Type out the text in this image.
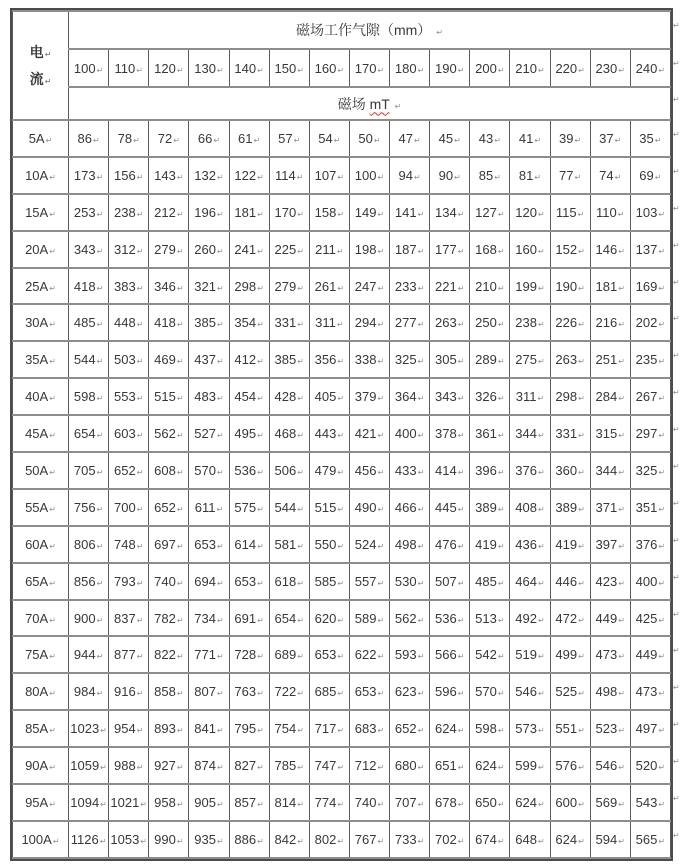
电↵
流↵	磁场工作气隙（mm） ↵														
	100↵	110↵	120↵	130↵	140↵	150↵	160↵	170↵	180↵	190↵	200↵	210↵	220↵	230↵	240↵
	磁场 mT ↵														
5A↵	86↵	78↵	72↵	66↵	61↵	57↵	54↵	50↵	47↵	45↵	43↵	41↵	39↵	37↵	35↵
10A↵	173↵	156↵	143↵	132↵	122↵	114↵	107↵	100↵	94↵	90↵	85↵	81↵	77↵	74↵	69↵
15A↵	253↵	238↵	212↵	196↵	181↵	170↵	158↵	149↵	141↵	134↵	127↵	120↵	115↵	110↵	103↵
20A↵	343↵	312↵	279↵	260↵	241↵	225↵	211↵	198↵	187↵	177↵	168↵	160↵	152↵	146↵	137↵
25A↵	418↵	383↵	346↵	321↵	298↵	279↵	261↵	247↵	233↵	221↵	210↵	199↵	190↵	181↵	169↵
30A↵	485↵	448↵	418↵	385↵	354↵	331↵	311↵	294↵	277↵	263↵	250↵	238↵	226↵	216↵	202↵
35A↵	544↵	503↵	469↵	437↵	412↵	385↵	356↵	338↵	325↵	305↵	289↵	275↵	263↵	251↵	235↵
40A↵	598↵	553↵	515↵	483↵	454↵	428↵	405↵	379↵	364↵	343↵	326↵	311↵	298↵	284↵	267↵
45A↵	654↵	603↵	562↵	527↵	495↵	468↵	443↵	421↵	400↵	378↵	361↵	344↵	331↵	315↵	297↵
50A↵	705↵	652↵	608↵	570↵	536↵	506↵	479↵	456↵	433↵	414↵	396↵	376↵	360↵	344↵	325↵
55A↵	756↵	700↵	652↵	611↵	575↵	544↵	515↵	490↵	466↵	445↵	389↵	408↵	389↵	371↵	351↵
60A↵	806↵	748↵	697↵	653↵	614↵	581↵	550↵	524↵	498↵	476↵	419↵	436↵	419↵	397↵	376↵
65A↵	856↵	793↵	740↵	694↵	653↵	618↵	585↵	557↵	530↵	507↵	485↵	464↵	446↵	423↵	400↵
70A↵	900↵	837↵	782↵	734↵	691↵	654↵	620↵	589↵	562↵	536↵	513↵	492↵	472↵	449↵	425↵
75A↵	944↵	877↵	822↵	771↵	728↵	689↵	653↵	622↵	593↵	566↵	542↵	519↵	499↵	473↵	449↵
80A↵	984↵	916↵	858↵	807↵	763↵	722↵	685↵	653↵	623↵	596↵	570↵	546↵	525↵	498↵	473↵
85A↵	1023↵	954↵	893↵	841↵	795↵	754↵	717↵	683↵	652↵	624↵	598↵	573↵	551↵	523↵	497↵
90A↵	1059↵	988↵	927↵	874↵	827↵	785↵	747↵	712↵	680↵	651↵	624↵	599↵	576↵	546↵	520↵
95A↵	1094↵	1021↵	958↵	905↵	857↵	814↵	774↵	740↵	707↵	678↵	650↵	624↵	600↵	569↵	543↵
100A↵	1126↵	1053↵	990↵	935↵	886↵	842↵	802↵	767↵	733↵	702↵	674↵	648↵	624↵	594↵	565↵
↵
↵
↵
↵
↵
↵
↵
↵
↵
↵
↵
↵
↵
↵
↵
↵
↵
↵
↵
↵
↵
↵
↵
